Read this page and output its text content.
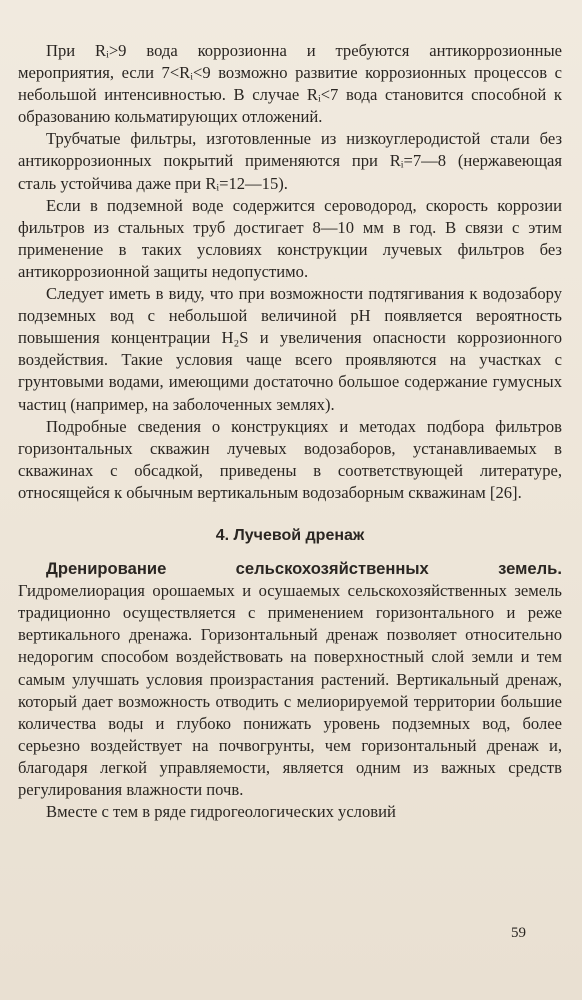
При Rᵢ>9 вода коррозионна и требуются антикоррозионные мероприятия, если 7<Rᵢ<9 возможно развитие коррозионных процессов с небольшой интенсивностью. В случае Rᵢ<7 вода становится способной к образованию кольматирующих отложений.

Трубчатые фильтры, изготовленные из низкоуглеродистой стали без антикоррозионных покрытий применяются при Rᵢ=7—8 (нержавеющая сталь устойчива даже при Rᵢ=12—15).

Если в подземной воде содержится сероводород, скорость коррозии фильтров из стальных труб достигает 8—10 мм в год. В связи с этим применение в таких условиях конструкции лучевых фильтров без антикоррозионной защиты недопустимо.

Следует иметь в виду, что при возможности подтягивания к водозабору подземных вод с небольшой величиной pH появляется вероятность повышения концентрации H₂S и увеличения опасности коррозионного воздействия. Такие условия чаще всего проявляются на участках с грунтовыми водами, имеющими достаточно большое содержание гумусных частиц (например, на заболоченных землях).

Подробные сведения о конструкциях и методах подбора фильтров горизонтальных скважин лучевых водозаборов, устанавливаемых в скважинах с обсадкой, приведены в соответствующей литературе, относящейся к обычным вертикальным водозаборным скважинам [26].

4. Лучевой дренаж

Дренирование сельскохозяйственных земель. Гидромелиорация орошаемых и осушаемых сельскохозяйственных земель традиционно осуществляется с применением горизонтального и реже вертикального дренажа. Горизонтальный дренаж позволяет относительно недорогим способом воздействовать на поверхностный слой земли и тем самым улучшать условия произрастания растений. Вертикальный дренаж, который дает возможность отводить с мелиорируемой территории большие количества воды и глубоко понижать уровень подземных вод, более серьезно воздействует на почвогрунты, чем горизонтальный дренаж и, благодаря легкой управляемости, является одним из важных средств регулирования влажности почв.

Вместе с тем в ряде гидрогеологических условий

59
